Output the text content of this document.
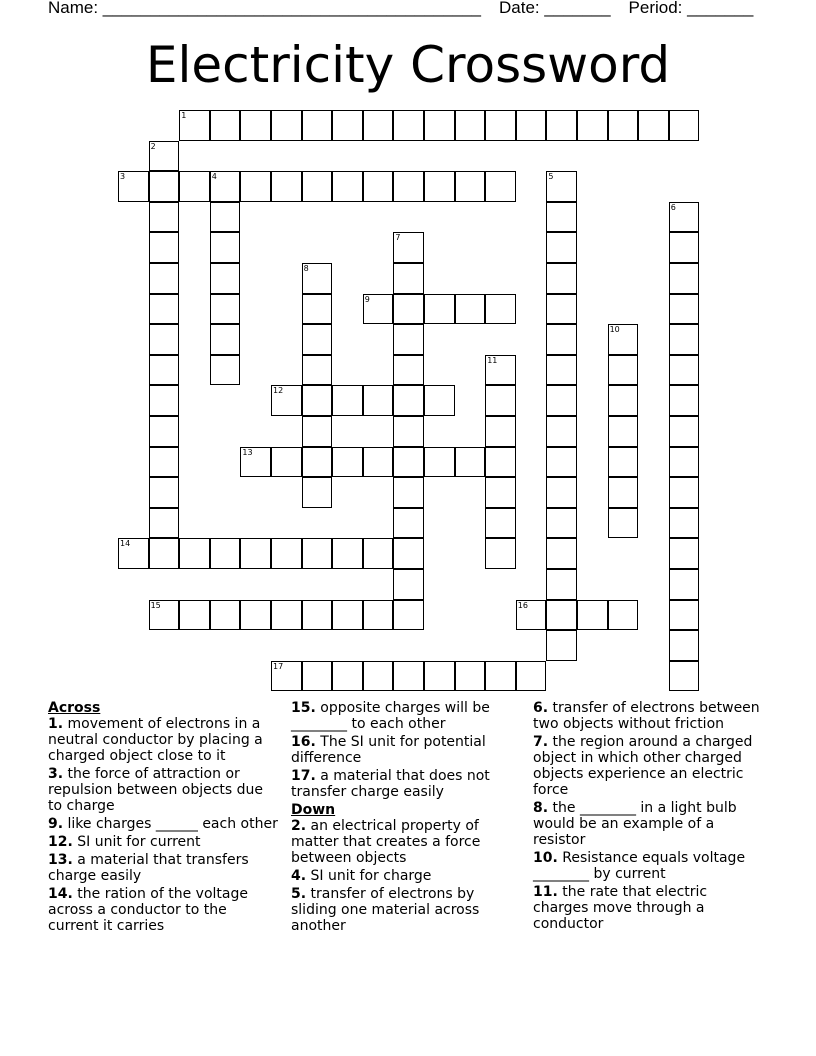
Name: ________________________________________ Date: _______ Period: _______
Electricity Crossword
1
2
3	4	5
6
7
8
9
10
11
12
13
14
15	16
17
Across
1. movement of electrons in a neutral conductor by placing a charged object close to it
3. the force of attraction or repulsion between objects due to charge
9. like charges ______ each other
12. SI unit for current
13. a material that transfers charge easily
14. the ration of the voltage across a conductor to the current it carries
15. opposite charges will be ________ to each other
16. The SI unit for potential difference
17. a material that does not transfer charge easily
Down
2. an electrical property of matter that creates a force between objects
4. SI unit for charge
5. transfer of electrons by sliding one material across another
6. transfer of electrons between two objects without friction
7. the region around a charged object in which other charged objects experience an electric force
8. the ________ in a light bulb would be an example of a resistor
10. Resistance equals voltage ________ by current
11. the rate that electric charges move through a conductor
